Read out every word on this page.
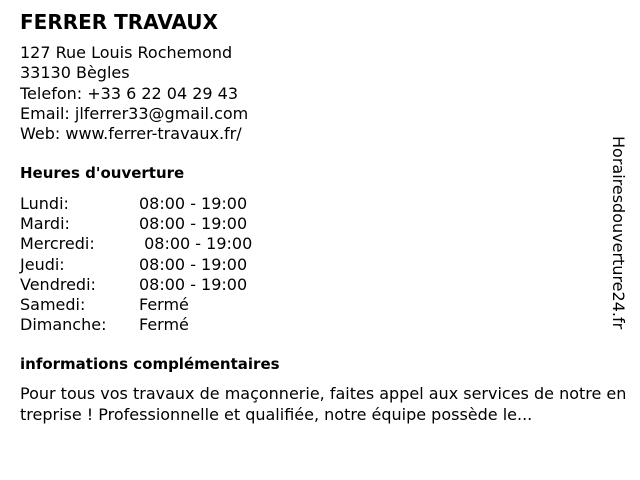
FERRER TRAVAUX
127 Rue Louis Rochemond
33130 Bègles
Telefon: +33 6 22 04 29 43
Email: jlferrer33@gmail.com
Web: www.ferrer-travaux.fr/
Heures d'ouverture
Lundi:	08:00 - 19:00
Mardi:	08:00 - 19:00
Mercredi:	08:00 - 19:00
Jeudi:	08:00 - 19:00
Vendredi:	08:00 - 19:00
Samedi:	Fermé
Dimanche: Fermé
informations complémentaires
Pour tous vos travaux de maçonnerie, faites appel aux services de notre entreprise ! Professionnelle et qualifiée, notre équipe possède le...
Horairesdouverture24.fr
